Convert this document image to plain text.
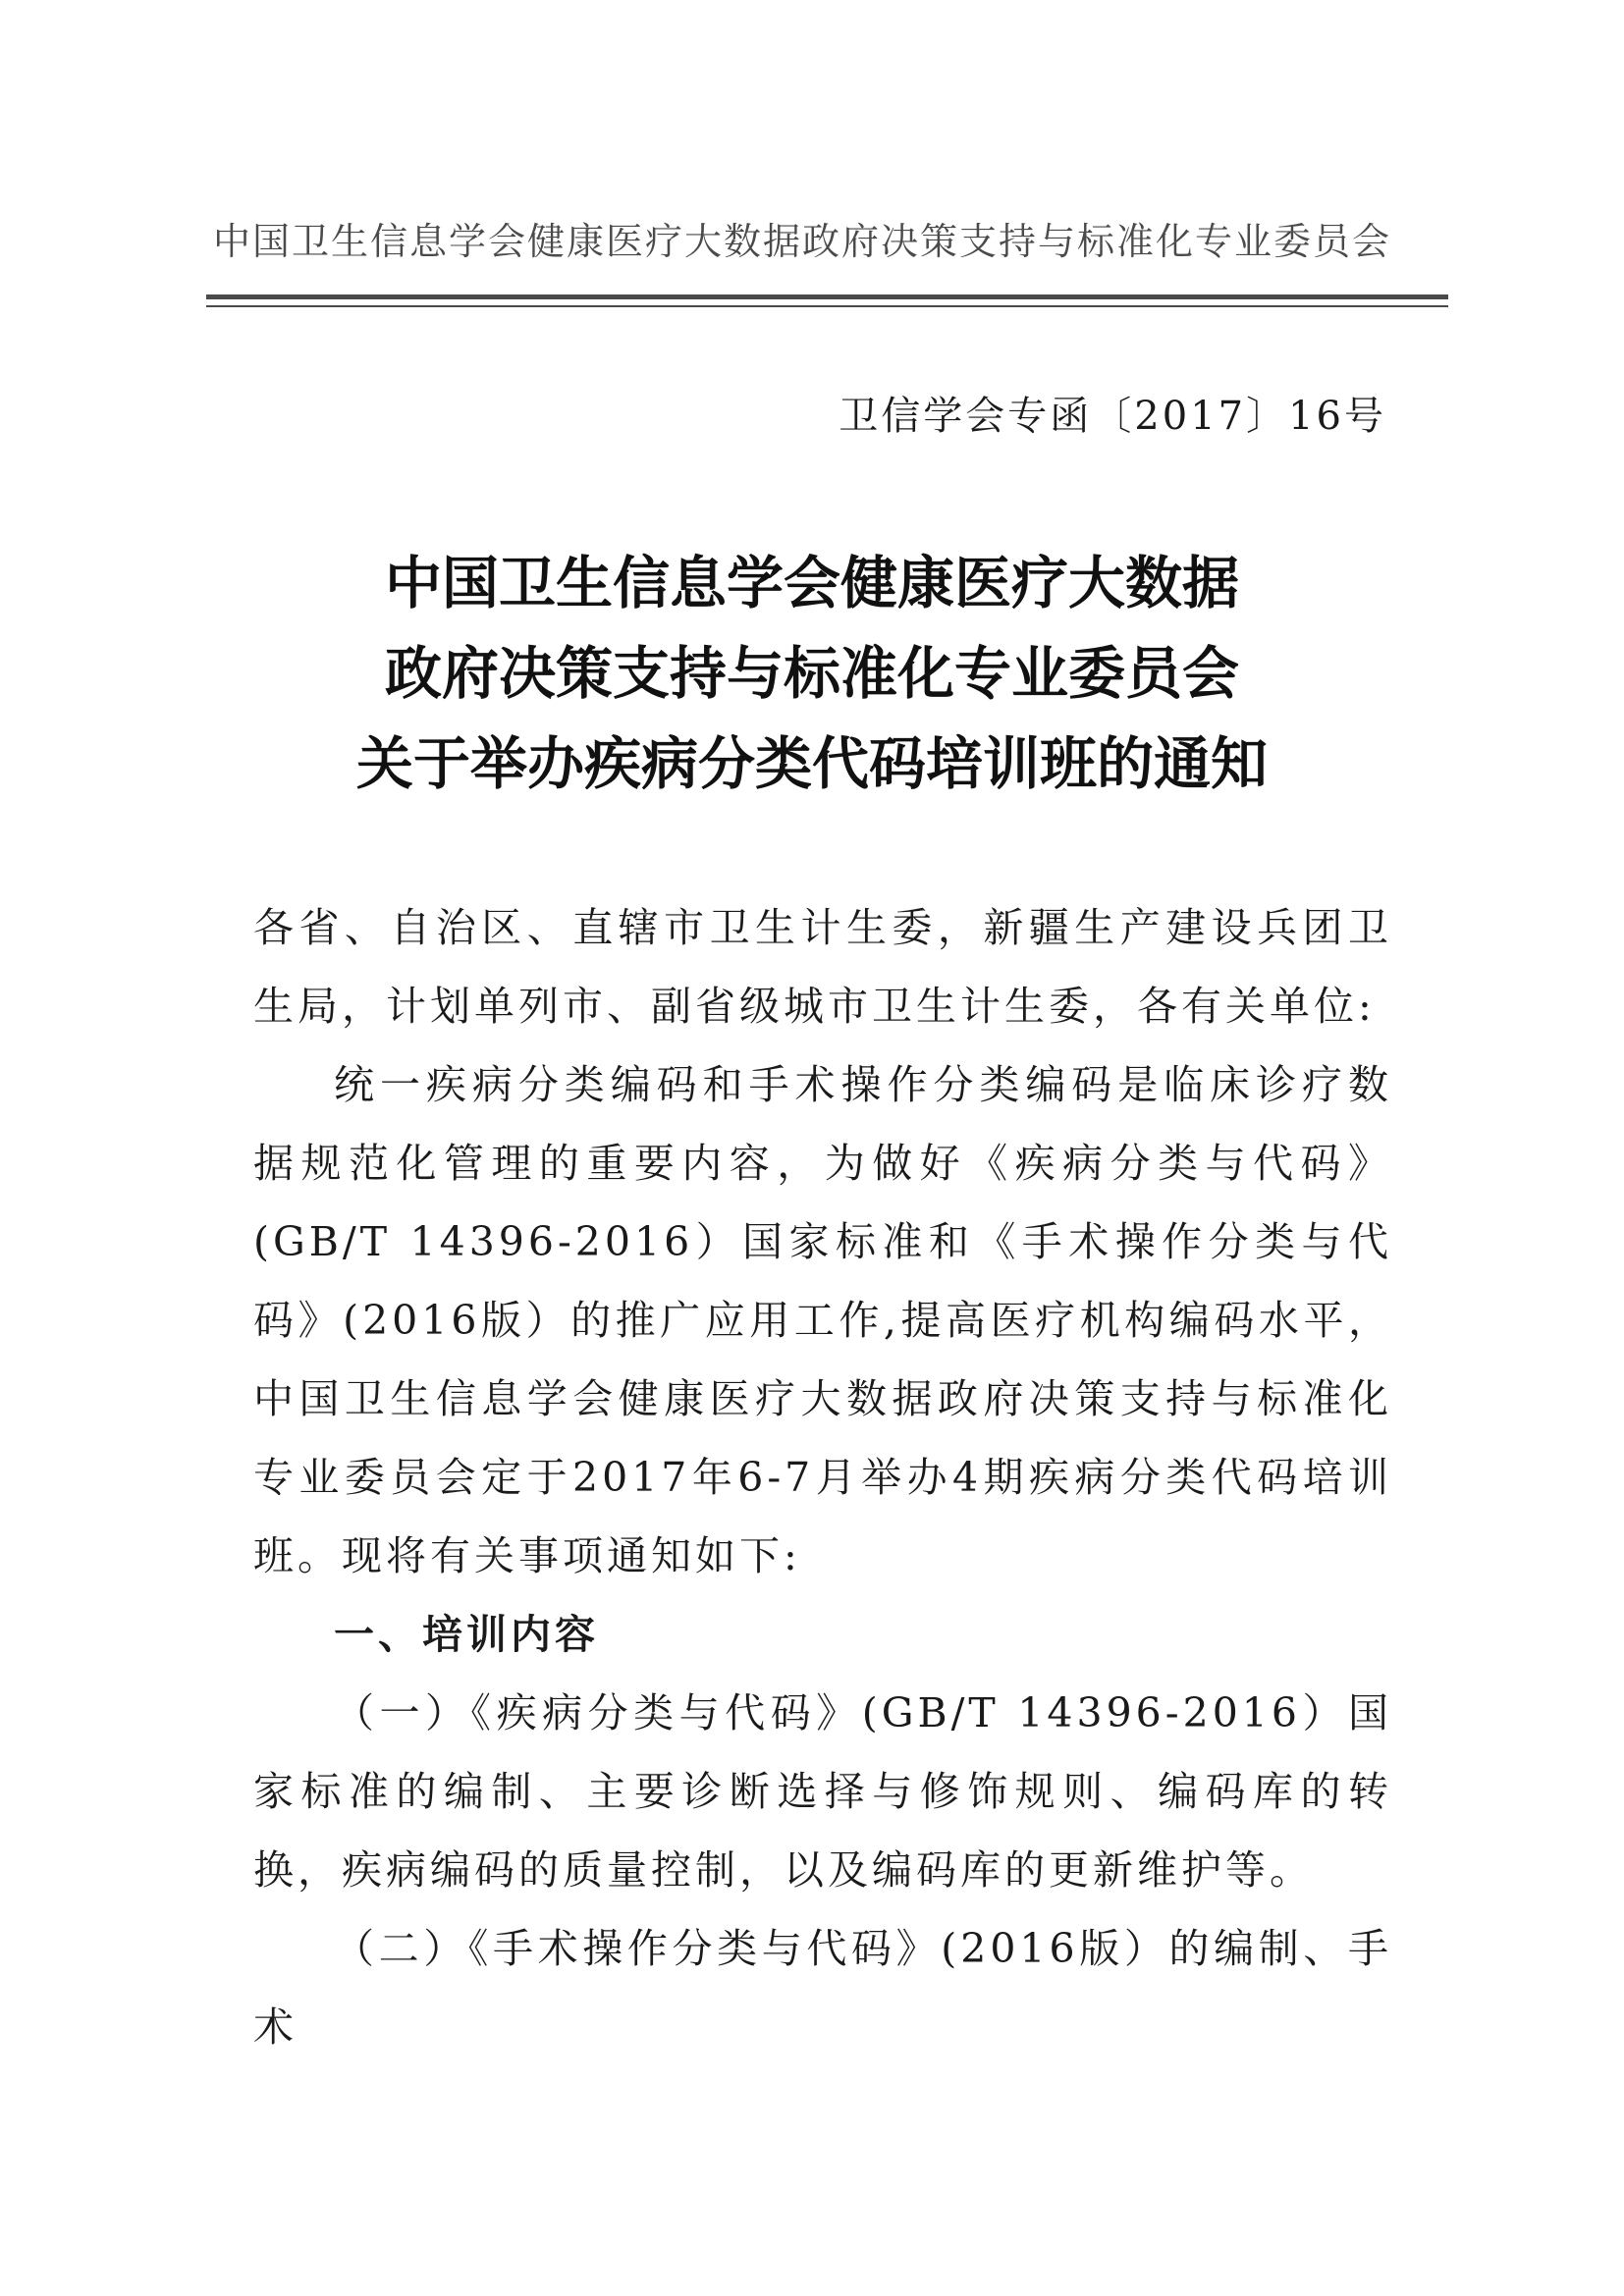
中国卫生信息学会健康医疗大数据政府决策支持与标准化专业委员会
卫信学会专函〔2017〕16号
中国卫生信息学会健康医疗大数据
政府决策支持与标准化专业委员会
关于举办疾病分类代码培训班的通知

各省、自治区、直辖市卫生计生委，新疆生产建设兵团卫生局，计划单列市、副省级城市卫生计生委，各有关单位:

统一疾病分类编码和手术操作分类编码是临床诊疗数据规范化管理的重要内容，为做好《疾病分类与代码》(GB/T 14396-2016）国家标准和《手术操作分类与代码》(2016版）的推广应用工作,提高医疗机构编码水平，中国卫生信息学会健康医疗大数据政府决策支持与标准化专业委员会定于2017年6-7月举办4期疾病分类代码培训班。现将有关事项通知如下:

一、培训内容

（一）《疾病分类与代码》(GB/T 14396-2016）国家标准的编制、主要诊断选择与修饰规则、编码库的转换，疾病编码的质量控制，以及编码库的更新维护等。

（二）《手术操作分类与代码》(2016版）的编制、手术
